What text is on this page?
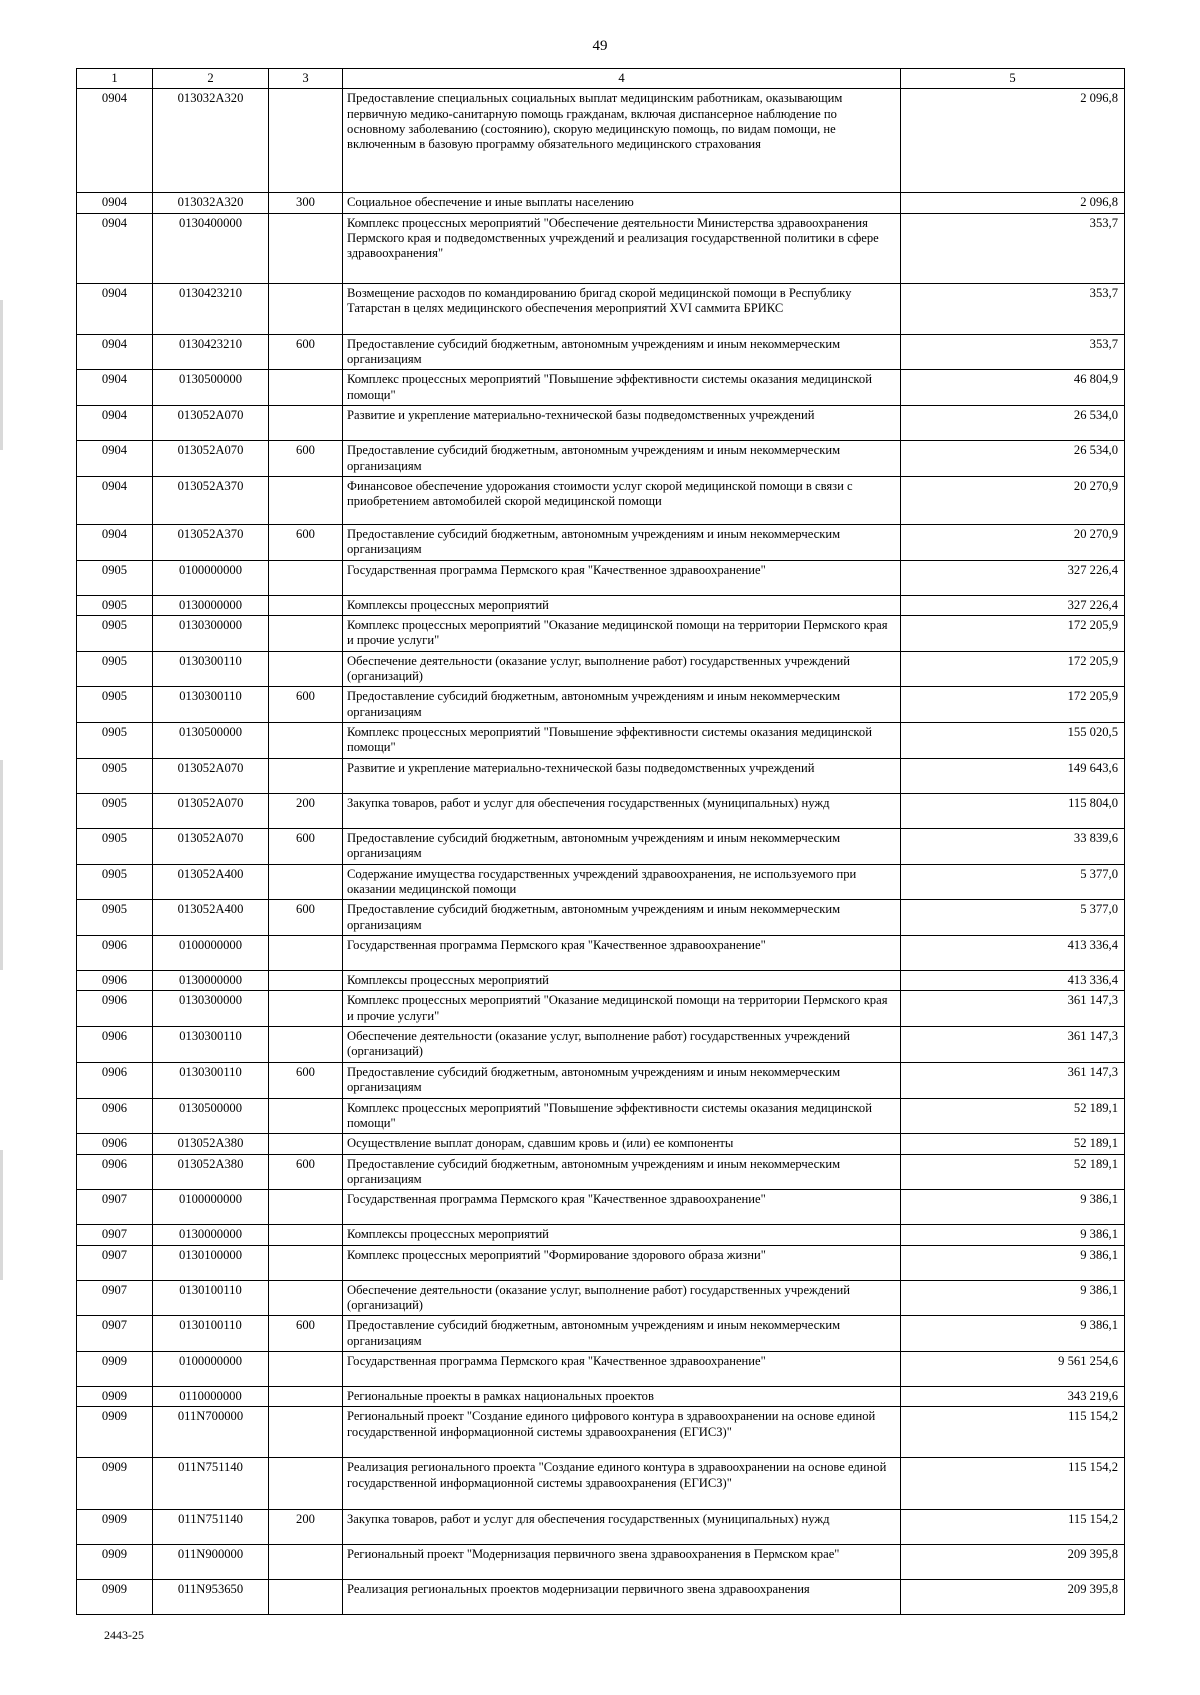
49
1	2	3	4	5
0904	013032А320		Предоставление специальных социальных выплат медицинским работникам, оказывающим первичную медико-санитарную помощь гражданам, включая диспансерное наблюдение по основному заболеванию (состоянию), скорую медицинскую помощь, по видам помощи, не включенным в базовую программу обязательного медицинского страхования	2 096,8
0904	013032А320	300	Социальное обеспечение и иные выплаты населению	2 096,8
0904	0130400000		Комплекс процессных мероприятий "Обеспечение деятельности Министерства здравоохранения Пермского края и подведомственных учреждений и реализация государственной политики в сфере здравоохранения"	353,7
0904	0130423210		Возмещение расходов по командированию бригад скорой медицинской помощи в Республику Татарстан в целях медицинского обеспечения мероприятий XVI саммита БРИКС	353,7
0904	0130423210	600	Предоставление субсидий бюджетным, автономным учреждениям и иным некоммерческим организациям	353,7
0904	0130500000		Комплекс процессных мероприятий "Повышение эффективности системы оказания медицинской помощи"	46 804,9
0904	013052А070		Развитие и укрепление материально-технической базы подведомственных учреждений	26 534,0
0904	013052А070	600	Предоставление субсидий бюджетным, автономным учреждениям и иным некоммерческим организациям	26 534,0
0904	013052А370		Финансовое обеспечение удорожания стоимости услуг скорой медицинской помощи в связи с приобретением автомобилей скорой медицинской помощи	20 270,9
0904	013052А370	600	Предоставление субсидий бюджетным, автономным учреждениям и иным некоммерческим организациям	20 270,9
0905	0100000000		Государственная программа Пермского края "Качественное здравоохранение"	327 226,4
0905	0130000000		Комплексы процессных мероприятий	327 226,4
0905	0130300000		Комплекс процессных мероприятий "Оказание медицинской помощи на территории Пермского края и прочие услуги"	172 205,9
0905	0130300110		Обеспечение деятельности (оказание услуг, выполнение работ) государственных учреждений (организаций)	172 205,9
0905	0130300110	600	Предоставление субсидий бюджетным, автономным учреждениям и иным некоммерческим организациям	172 205,9
0905	0130500000		Комплекс процессных мероприятий "Повышение эффективности системы оказания медицинской помощи"	155 020,5
0905	013052А070		Развитие и укрепление материально-технической базы подведомственных учреждений	149 643,6
0905	013052А070	200	Закупка товаров, работ и услуг для обеспечения государственных (муниципальных) нужд	115 804,0
0905	013052А070	600	Предоставление субсидий бюджетным, автономным учреждениям и иным некоммерческим организациям	33 839,6
0905	013052А400		Содержание имущества государственных учреждений здравоохранения, не используемого при оказании медицинской помощи	5 377,0
0905	013052А400	600	Предоставление субсидий бюджетным, автономным учреждениям и иным некоммерческим организациям	5 377,0
0906	0100000000		Государственная программа Пермского края "Качественное здравоохранение"	413 336,4
0906	0130000000		Комплексы процессных мероприятий	413 336,4
0906	0130300000		Комплекс процессных мероприятий "Оказание медицинской помощи на территории Пермского края и прочие услуги"	361 147,3
0906	0130300110		Обеспечение деятельности (оказание услуг, выполнение работ) государственных учреждений (организаций)	361 147,3
0906	0130300110	600	Предоставление субсидий бюджетным, автономным учреждениям и иным некоммерческим организациям	361 147,3
0906	0130500000		Комплекс процессных мероприятий "Повышение эффективности системы оказания медицинской помощи"	52 189,1
0906	013052А380		Осуществление выплат донорам, сдавшим кровь и (или) ее компоненты	52 189,1
0906	013052А380	600	Предоставление субсидий бюджетным, автономным учреждениям и иным некоммерческим организациям	52 189,1
0907	0100000000		Государственная программа Пермского края "Качественное здравоохранение"	9 386,1
0907	0130000000		Комплексы процессных мероприятий	9 386,1
0907	0130100000		Комплекс процессных мероприятий "Формирование здорового образа жизни"	9 386,1
0907	0130100110		Обеспечение деятельности (оказание услуг, выполнение работ) государственных учреждений (организаций)	9 386,1
0907	0130100110	600	Предоставление субсидий бюджетным, автономным учреждениям и иным некоммерческим организациям	9 386,1
0909	0100000000		Государственная программа Пермского края "Качественное здравоохранение"	9 561 254,6
0909	0110000000		Региональные проекты в рамках национальных проектов	343 219,6
0909	011N700000		Региональный проект "Создание единого цифрового контура в здравоохранении на основе единой государственной информационной системы здравоохранения (ЕГИСЗ)"	115 154,2
0909	011N751140		Реализация регионального проекта "Создание единого контура в здравоохранении на основе единой государственной информационной системы здравоохранения (ЕГИСЗ)"	115 154,2
0909	011N751140	200	Закупка товаров, работ и услуг для обеспечения государственных (муниципальных) нужд	115 154,2
0909	011N900000		Региональный проект "Модернизация первичного звена здравоохранения в Пермском крае"	209 395,8
0909	011N953650		Реализация региональных проектов модернизации первичного звена здравоохранения	209 395,8
2443-25
